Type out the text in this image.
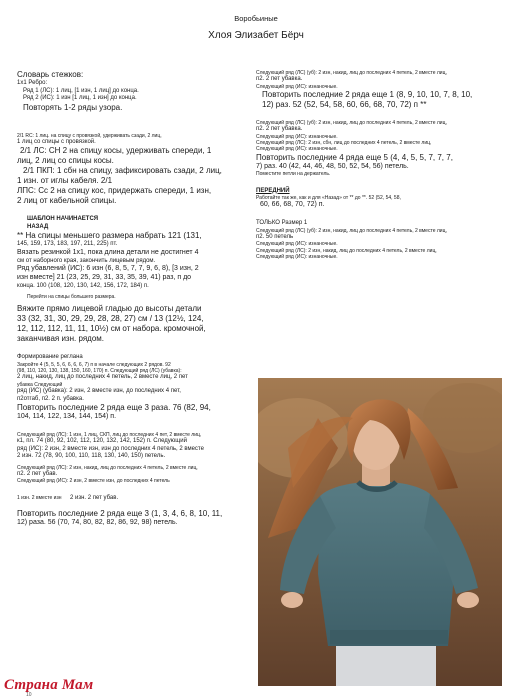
Воробьиные
Хлоя Элизабет Бёрч
Словарь стежков:
1x1 Ребро:
Ряд 1 (ЛС): 1 лиц, [1 изн, 1 лиц] до конца.
Ряд 2 (ИС): 1 изн [1 лиц, 1 изн] до конца.
Повторять 1-2 ряды узора.
2/1 RC: 1 лиц. на спицу с провязкой, удерживать сзади, 2 лиц,
1 лиц со спицы с провязкой.
2/1 ЛС: СН 2 на спицу косы, удерживать спереди, 1
лиц, 2 лиц со спицы косы.
2/1 ПКП: 1 сбн на спицу, зафиксировать сзади, 2 лиц,
1 изн. от иглы кабеля. 2/1
ЛПС: Сс 2 на спицу кос, придержать спереди, 1 изн,
2 лиц от кабельной спицы.
ШАБЛОН НАЧИНАЕТСЯ
НАЗАД
** На спицы меньшего размера набрать 121 (131,
145, 159, 173, 183, 197, 211, 225) пт.
Вязать резинкой 1x1, пока длина детали не достигнет 4
см от наборного края, закончить лицевым рядом.
Ряд убавлений (ИС): 6 изн (6, 8, 5, 7, 7, 9, 6, 8), [3 изн, 2
изн вместе] 21 (23, 25, 29, 31, 33, 35, 39, 41) раз, п до
конца. 100 (108, 120, 130, 142, 156, 172, 184) п.
Перейти на спицы большего размера.
Вяжите прямо лицевой гладью до высоты детали
33 (32, 31, 30, 29, 29, 28, 28, 27) см / 13 (12½, 124,
12, 112, 112, 11, 11, 10½) см от набора. кромочной,
заканчивая изн. рядом.
Формирование реглана
Закройте 4 (5, 5, 5, 6, 6, 6, 6, 7) п в начале следующих 2 рядов. 92
(98, 110, 120, 130, 138, 150, 160, 170) п. Следующий ряд (ЛС) (убавка):
2 лиц, накид, лиц до последних 4 петель, 2 вместе лиц, 2 пет
убавка Следующий
ряд (ИС) (убавка): 2 изн, 2 вместе изн, до последних 4 пет,
п2отгаб, п2. 2 п. убавка.
Повторить последние 2 ряда еще 3 раза. 76 (82, 94,
104, 114, 122, 134, 144, 154) п.
Следующий ряд (ЛС): 1 изн, 1 лиц, СКП, лиц до последних 4 пет, 2 вместе лиц,
к1, пл. 74 (80, 92, 102, 112, 120, 132, 142, 152) п. Следующий
ряд (ИС): 2 изн, 2 вместе изн, изн до последних 4 петель, 2 вместе
2 изн. 72 (78, 90, 100, 110, 118, 130, 140, 150) петель.
Следующий ряд (ЛС): 2 изн, накид, лиц до последних 4 петель, 2 вместе лиц,
п2. 2 пет убав.
Следующий ряд (ИС): 2 изн, 2 вместе изн, до последних 4 петель
1 изн. 2 вместе изн 2 изн. 2 пет убав.
Повторить последние 2 ряда еще 3 (1, 3, 4, 6, 8, 10, 11,
12) раза. 56 (70, 74, 80, 82, 82, 86, 92, 98) петель.
Следующий ряд (ЛС) (уб): 2 изн, накид, лиц до последних 4 петель, 2 вместе лиц,
п2. 2 пет убавка.
Следующий ряд (ИС): изнаночные.
Повторить последние 2 ряда еще 1 (8, 9, 10, 10, 7, 8, 10,
12) раз. 52 (52, 54, 58, 60, 66, 68, 70, 72) п **
Следующий ряд (ЛС) (уб): 2 изн, накид, лиц до последних 4 петель, 2 вместе лиц,
п2. 2 пет убавка.
Следующий ряд (ИС): изнаночные.
Следующий ряд (ЛС): 2 изн, сбн, лиц до последних 4 петель, 2 вместе лиц,
Следующий ряд (ИС): изнаночные.
Повторить последние 4 ряда еще 5 (4, 4, 5, 5, 7, 7, 7,
7) раз. 40 (42, 44, 46, 48, 50, 52, 54, 56) петель.
Поместите петли на держатель.
ПЕРЕДНИЙ
Работайте так же, как и для «Назад» от ** до **. 52 (52, 54, 58,
60, 66, 68, 70, 72) п.
ТОЛЬКО Размер 1
Следующий ряд (ЛС) (уб): 2 изн, накид, лиц до последних 4 петель, 2 вместе лиц,
п2. 50 петель
Следующий ряд (ИС): изнаночные.
Следующий ряд (ЛС): 2 изн, накид, лиц до последних 4 петель, 2 вместе лиц,
Следующий ряд (ИС): изнаночные.
Страна Мам
10
